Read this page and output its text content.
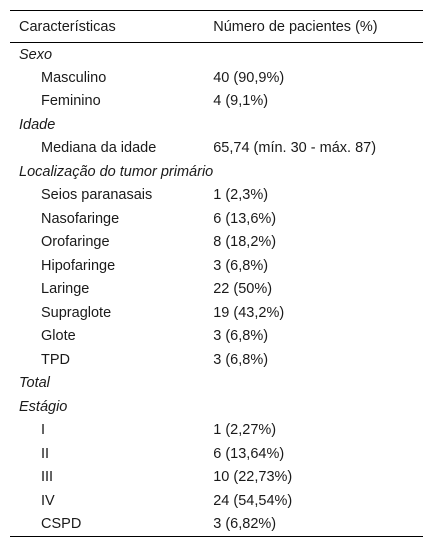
Características	Número de pacientes (%)
Sexo	
Masculino	40 (90,9%)
Feminino	4 (9,1%)
Idade	
Mediana da idade	65,74 (mín. 30 - máx. 87)
Localização do tumor primário	
Seios paranasais	1 (2,3%)
Nasofaringe	6 (13,6%)
Orofaringe	8 (18,2%)
Hipofaringe	3 (6,8%)
Laringe	22 (50%)
Supraglote	19 (43,2%)
Glote	3 (6,8%)
TPD	3 (6,8%)
Total	
Estágio	
I	1 (2,27%)
II	6 (13,64%)
III	10 (22,73%)
IV	24 (54,54%)
CSPD	3 (6,82%)
